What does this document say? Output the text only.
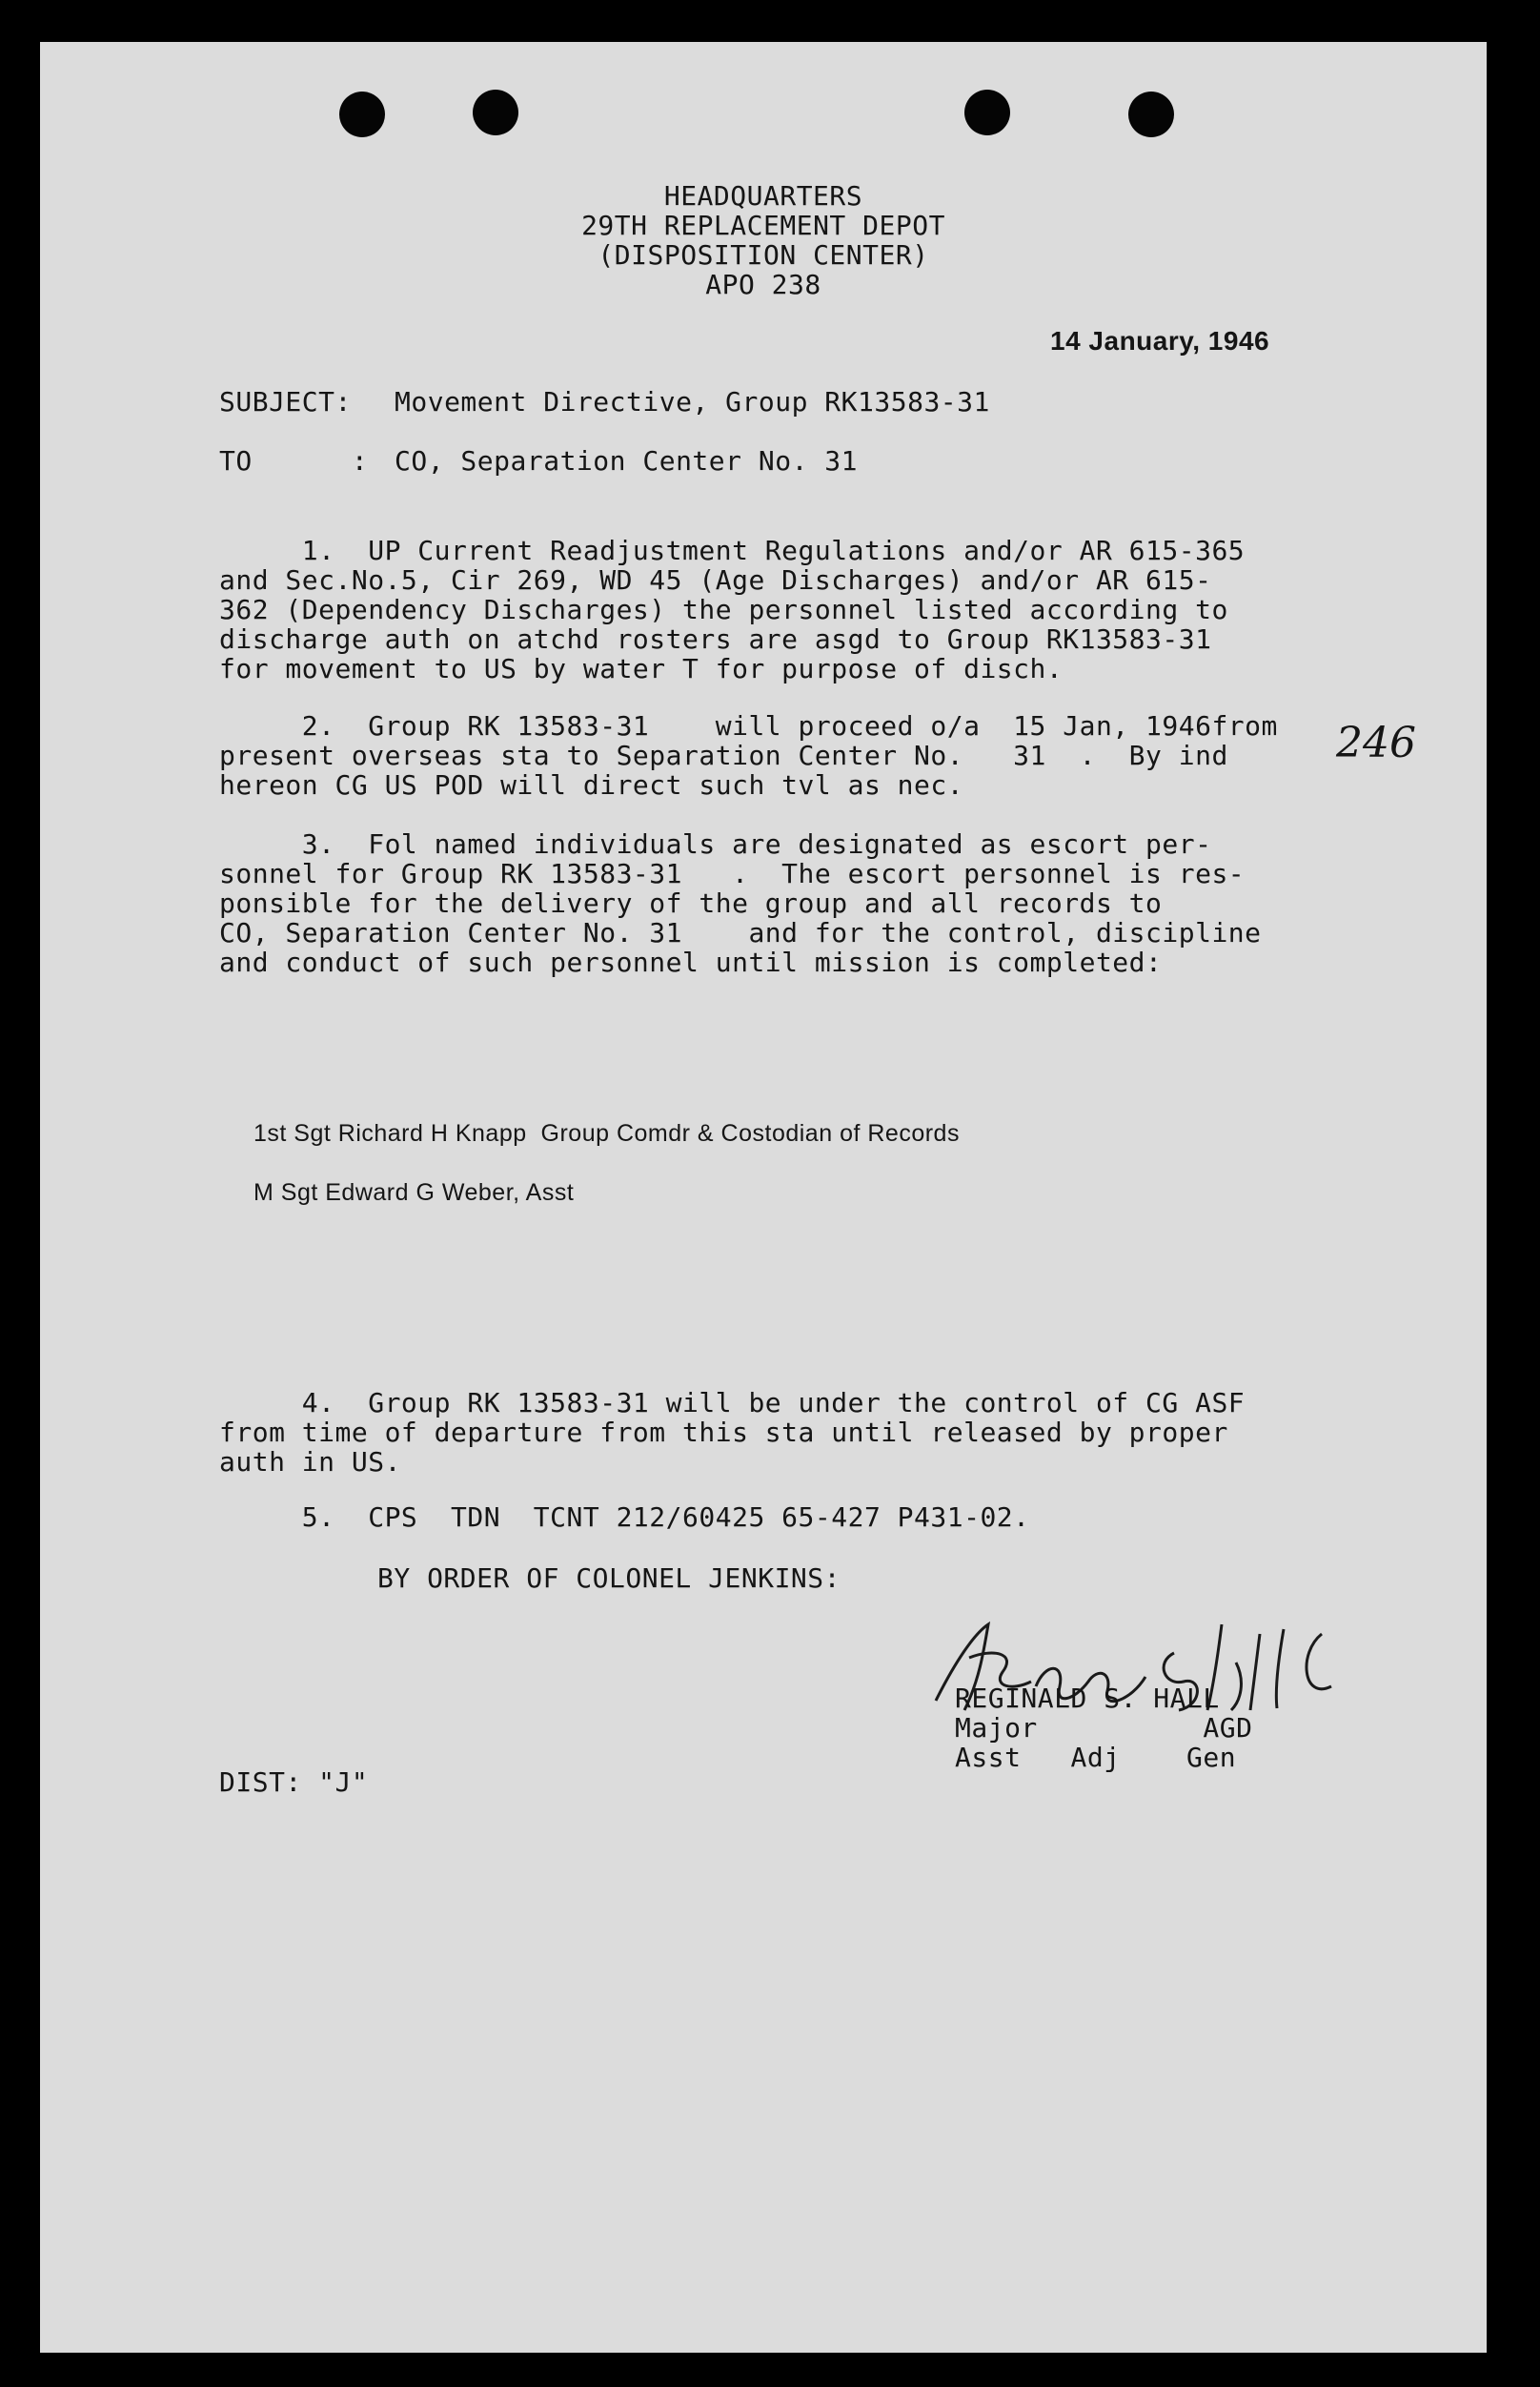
HEADQUARTERS
29TH REPLACEMENT DEPOT
(DISPOSITION CENTER)
APO 238
14 January, 1946
SUBJECT: Movement Directive, Group RK13583-31
TO      : CO, Separation Center No. 31
1.  UP Current Readjustment Regulations and/or AR 615-365
and Sec.No.5, Cir 269, WD 45 (Age Discharges) and/or AR 615-
362 (Dependency Discharges) the personnel listed according to
discharge auth on atchd rosters are asgd to Group RK13583-31
for movement to US by water T for purpose of disch.
2.  Group RK 13583-31    will proceed o/a  15 Jan, 1946from
present overseas sta to Separation Center No.   31  .  By ind
hereon CG US POD will direct such tvl as nec.
246
3.  Fol named individuals are designated as escort per-
sonnel for Group RK 13583-31   .  The escort personnel is res-
ponsible for the delivery of the group and all records to
CO, Separation Center No. 31    and for the control, discipline
and conduct of such personnel until mission is completed:
1st Sgt Richard H Knapp  Group Comdr & Costodian of Records
M Sgt Edward G Weber, Asst
4.  Group RK 13583-31 will be under the control of CG ASF
from time of departure from this sta until released by proper
auth in US.
5.  CPS  TDN  TCNT 212/60425 65-427 P431-02.
BY ORDER OF COLONEL JENKINS:
REGINALD S. HALL
Major          AGD
Asst   Adj    Gen
DIST: "J"
